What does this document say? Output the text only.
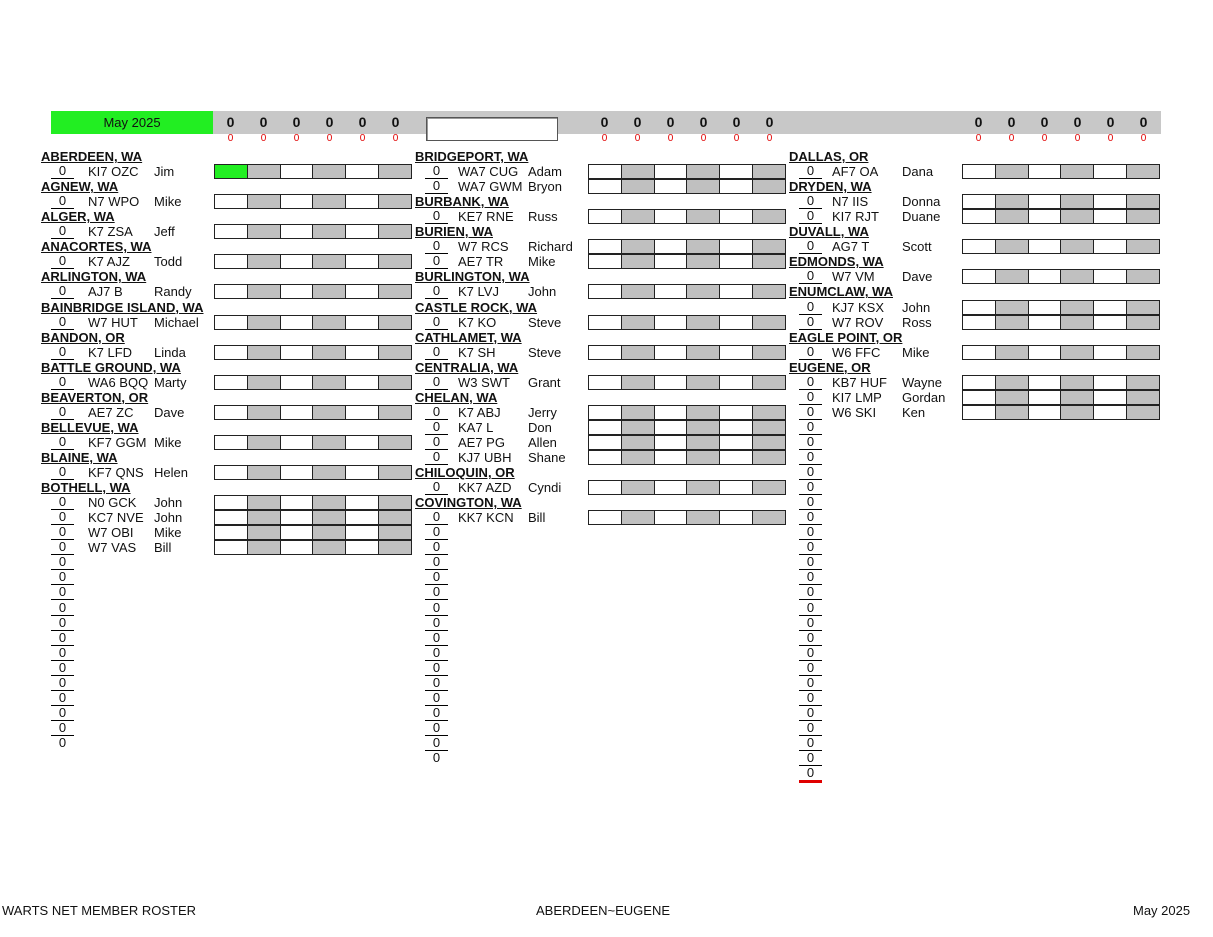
May 2025	0	0	0	0	0	0	0	0	0	0	0	0	0	0	0	0	0	0
0	0	0	0	0	0	0	0	0	0	0	0	0	0	0	0	0	0
ABERDEEN, WA
0	KI7 OZC Jim
AGNEW, WA
0	N7 WPO Mike
ALGER, WA
0	K7 ZSA Jeff
ANACORTES, WA
0	K7 AJZ Todd
ARLINGTON, WA
0	AJ7 B Randy
BAINBRIDGE ISLAND, WA
0	W7 HUT Michael
BANDON, OR
0	K7 LFD Linda
BATTLE GROUND, WA
0	WA6 BQQ Marty
BEAVERTON, OR
0	AE7 ZC Dave
BELLEVUE, WA
0	KF7 GGM Mike
BLAINE, WA
0	KF7 QNS Helen
BOTHELL, WA
0	N0 GCK John
0	KC7 NVE John
0	W7 OBI Mike
0	W7 VAS Bill
0
0
0
0
0
0
0
0
0
0
0
0
0
BRIDGEPORT, WA
0	WA7 CUG Adam
0	WA7 GWM Bryon
BURBANK, WA
0	KE7 RNE Russ
BURIEN, WA
0	W7 RCS Richard
0	AE7 TR Mike
BURLINGTON, WA
0	K7 LVJ John
CASTLE ROCK, WA
0	K7 KO Steve
CATHLAMET, WA
0	K7 SH Steve
CENTRALIA, WA
0	W3 SWT Grant
CHELAN, WA
0	K7 ABJ Jerry
0	KA7 L	Don
0	AE7 PG Allen
0	KJ7 UBH Shane
CHILOQUIN, OR
0	KK7 AZD Cyndi
COVINGTON, WA
0	KK7 KCN Bill
0
0
0
0
0
0
0
0
0
0
0
0
0
0
0
0
DALLAS, OR
0	AF7 OA Dana
DRYDEN, WA
0	N7 IIS	Donna
0	KI7 RJT Duane
DUVALL, WA
0	AG7 T	Scott
EDMONDS, WA
0	W7 VM Dave
ENUMCLAW, WA
0	KJ7 KSX John
0	W7 ROV Ross
EAGLE POINT, OR
0	W6 FFC Mike
EUGENE, OR
0	KB7 HUF Wayne
0	KI7 LMP Gordan
0	W6 SKI Ken
0
0
0
0
0
0
0
0
0
0
0
0
0
0
0
0
0
0
0
0
0
0
0
0
WARTS NET MEMBER ROSTER	ABERDEEN~EUGENE	May 2025
